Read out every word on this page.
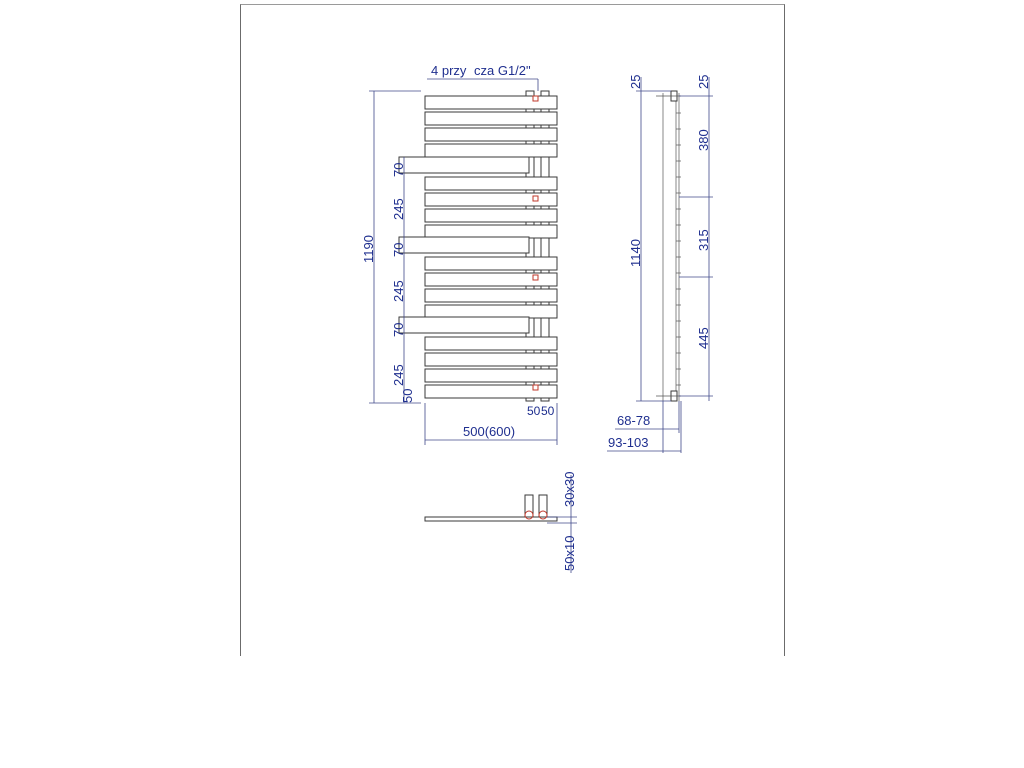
4 przy cza G1/2"
1190
70
245
70
245
70
245
50
500(600)
50 50
25
1140
25
380
315
445
68-78
93-103
30x30
50x10
